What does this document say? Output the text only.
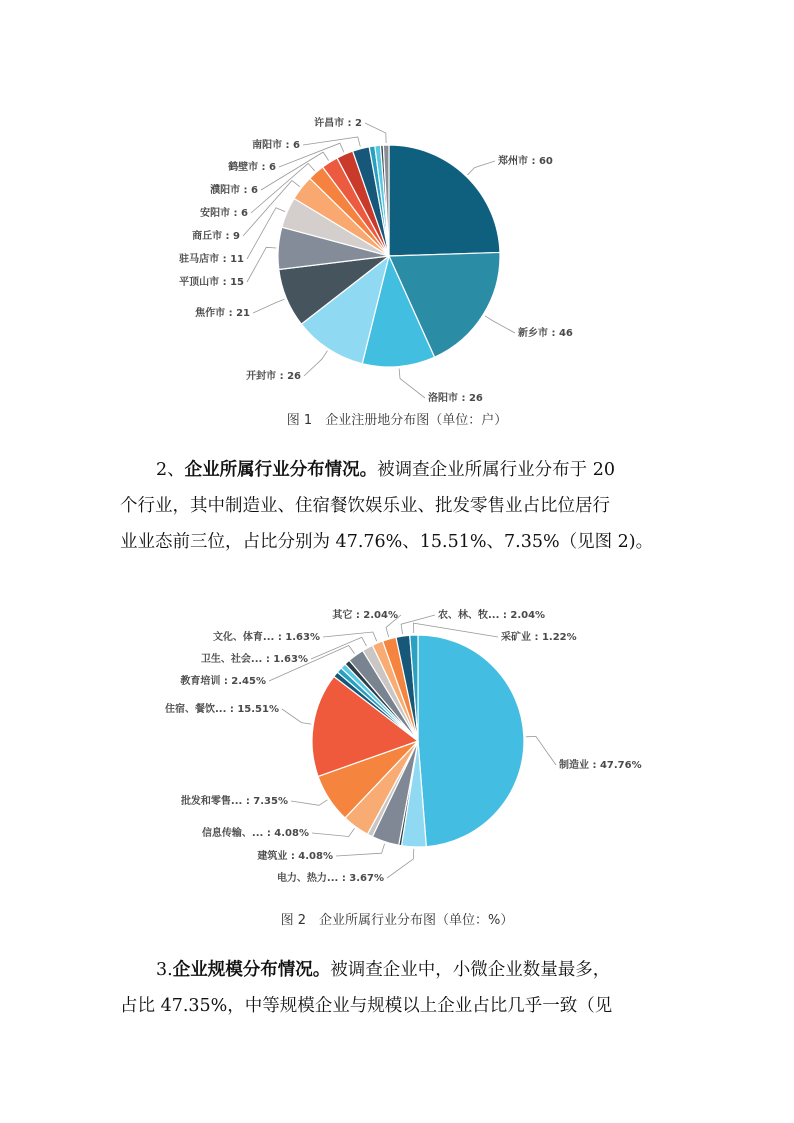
郑州市 : 60
新乡市 : 46
洛阳市 : 26
开封市 : 26
焦作市 : 21
平顶山市 : 15
驻马店市 : 11
商丘市 : 9
安阳市 : 6
濮阳市 : 6
鹤壁市 : 6
南阳市 : 6
许昌市 : 2
图 1　企业注册地分布图（单位：户）
2、企业所属行业分布情况。被调查企业所属行业分布于 20
个行业，其中制造业、住宿餐饮娱乐业、批发零售业占比位居行
业业态前三位，占比分别为 47.76%、15.51%、7.35%（见图 2)。
制造业 : 47.76%
电力、热力... : 3.67%
建筑业 : 4.08%
信息传输、... : 4.08%
批发和零售... : 7.35%
住宿、餐饮... : 15.51%
教育培训 : 2.45%
卫生、社会... : 1.63%
文化、体育... : 1.63%
其它 : 2.04%	农、林、牧... : 2.04%
采矿业 : 1.22%
图 2　企业所属行业分布图（单位：%）
3.企业规模分布情况。被调查企业中，小微企业数量最多，
占比 47.35%，中等规模企业与规模以上企业占比几乎一致（见
